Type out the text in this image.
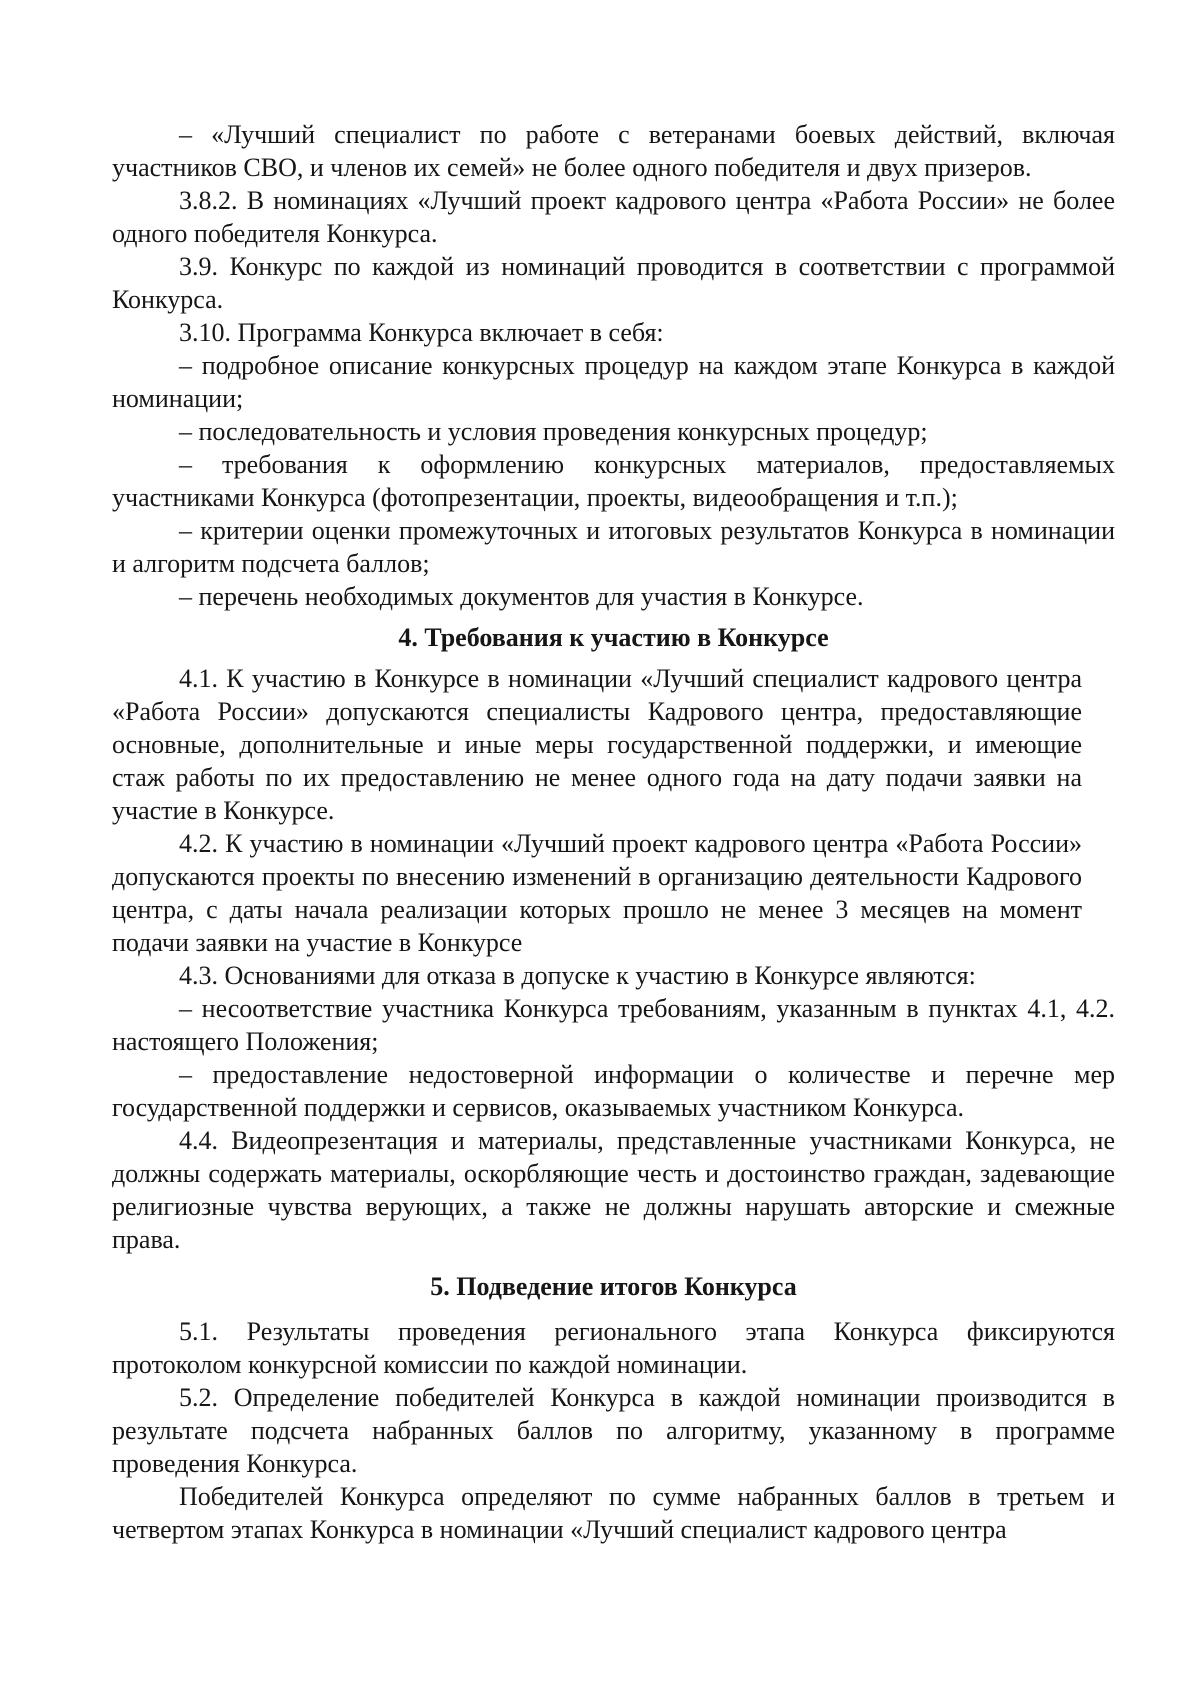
– «Лучший специалист по работе с ветеранами боевых действий, включая участников СВО, и членов их семей» не более одного победителя и двух призеров.

3.8.2. В номинациях «Лучший проект кадрового центра «Работа России» не более одного победителя Конкурса.

3.9. Конкурс по каждой из номинаций проводится в соответствии с программой Конкурса.

3.10. Программа Конкурса включает в себя:

– подробное описание конкурсных процедур на каждом этапе Конкурса в каждой номинации;

– последовательность и условия проведения конкурсных процедур;

– требования к оформлению конкурсных материалов, предоставляемых участниками Конкурса (фотопрезентации, проекты, видеообращения и т.п.);

– критерии оценки промежуточных и итоговых результатов Конкурса в номинации и алгоритм подсчета баллов;

– перечень необходимых документов для участия в Конкурсе.

4. Требования к участию в Конкурсе

4.1. К участию в Конкурсе в номинации «Лучший специалист кадрового центра «Работа России» допускаются специалисты Кадрового центра, предоставляющие основные, дополнительные и иные меры государственной поддержки, и имеющие стаж работы по их предоставлению не менее одного года на дату подачи заявки на участие в Конкурсе.

4.2. К участию в номинации «Лучший проект кадрового центра «Работа России» допускаются проекты по внесению изменений в организацию деятельности Кадрового центра, с даты начала реализации которых прошло не менее 3 месяцев на момент подачи заявки на участие в Конкурсе

4.3. Основаниями для отказа в допуске к участию в Конкурсе являются:

– несоответствие участника Конкурса требованиям, указанным в пунктах 4.1, 4.2. настоящего Положения;

– предоставление недостоверной информации о количестве и перечне мер государственной поддержки и сервисов, оказываемых участником Конкурса.

4.4. Видеопрезентация и материалы, представленные участниками Конкурса, не должны содержать материалы, оскорбляющие честь и достоинство граждан, задевающие религиозные чувства верующих, а также не должны нарушать авторские и смежные права.

5. Подведение итогов Конкурса

5.1. Результаты проведения регионального этапа Конкурса фиксируются протоколом конкурсной комиссии по каждой номинации.

5.2. Определение победителей Конкурса в каждой номинации производится в результате подсчета набранных баллов по алгоритму, указанному в программе проведения Конкурса.

Победителей Конкурса определяют по сумме набранных баллов в третьем и четвертом этапах Конкурса в номинации «Лучший специалист кадрового центра
